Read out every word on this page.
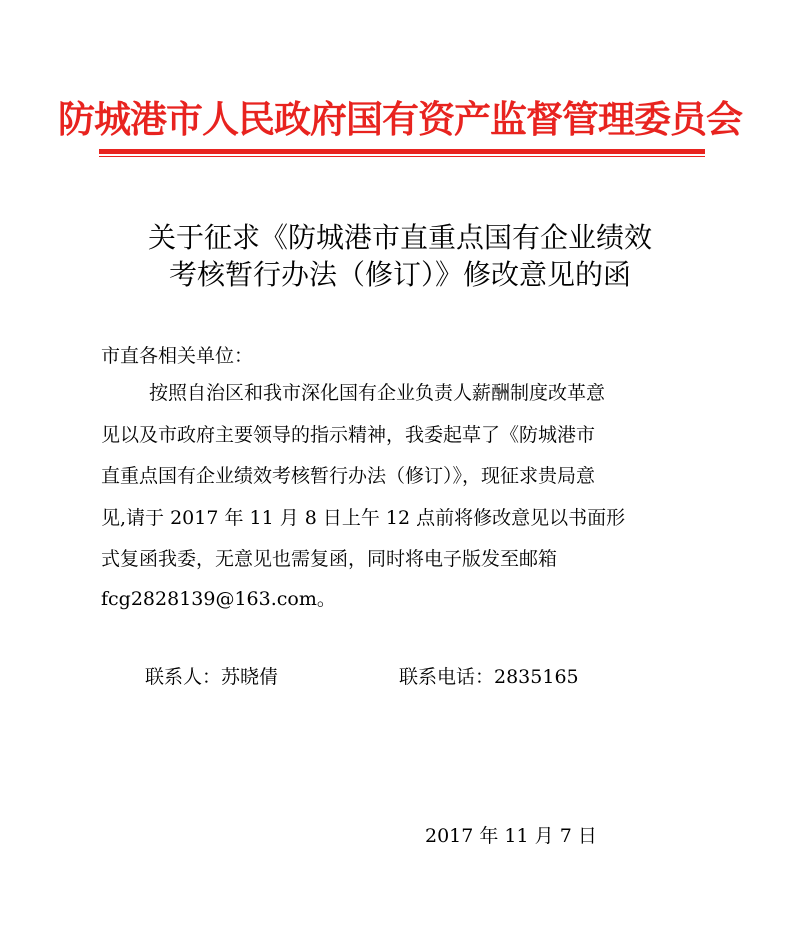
防城港市人民政府国有资产监督管理委员会
关于征求《防城港市直重点国有企业绩效
考核暂行办法（修订）》修改意见的函
市直各相关单位：
按照自治区和我市深化国有企业负责人薪酬制度改革意
见以及市政府主要领导的指示精神，我委起草了《防城港市
直重点国有企业绩效考核暂行办法（修订）》，现征求贵局意
见,请于 2017 年 11 月 8 日上午 12 点前将修改意见以书面形
式复函我委，无意见也需复函，同时将电子版发至邮箱
fcg2828139@163.com。
联系人：苏晓倩	联系电话：2835165
2017 年 11 月 7 日
